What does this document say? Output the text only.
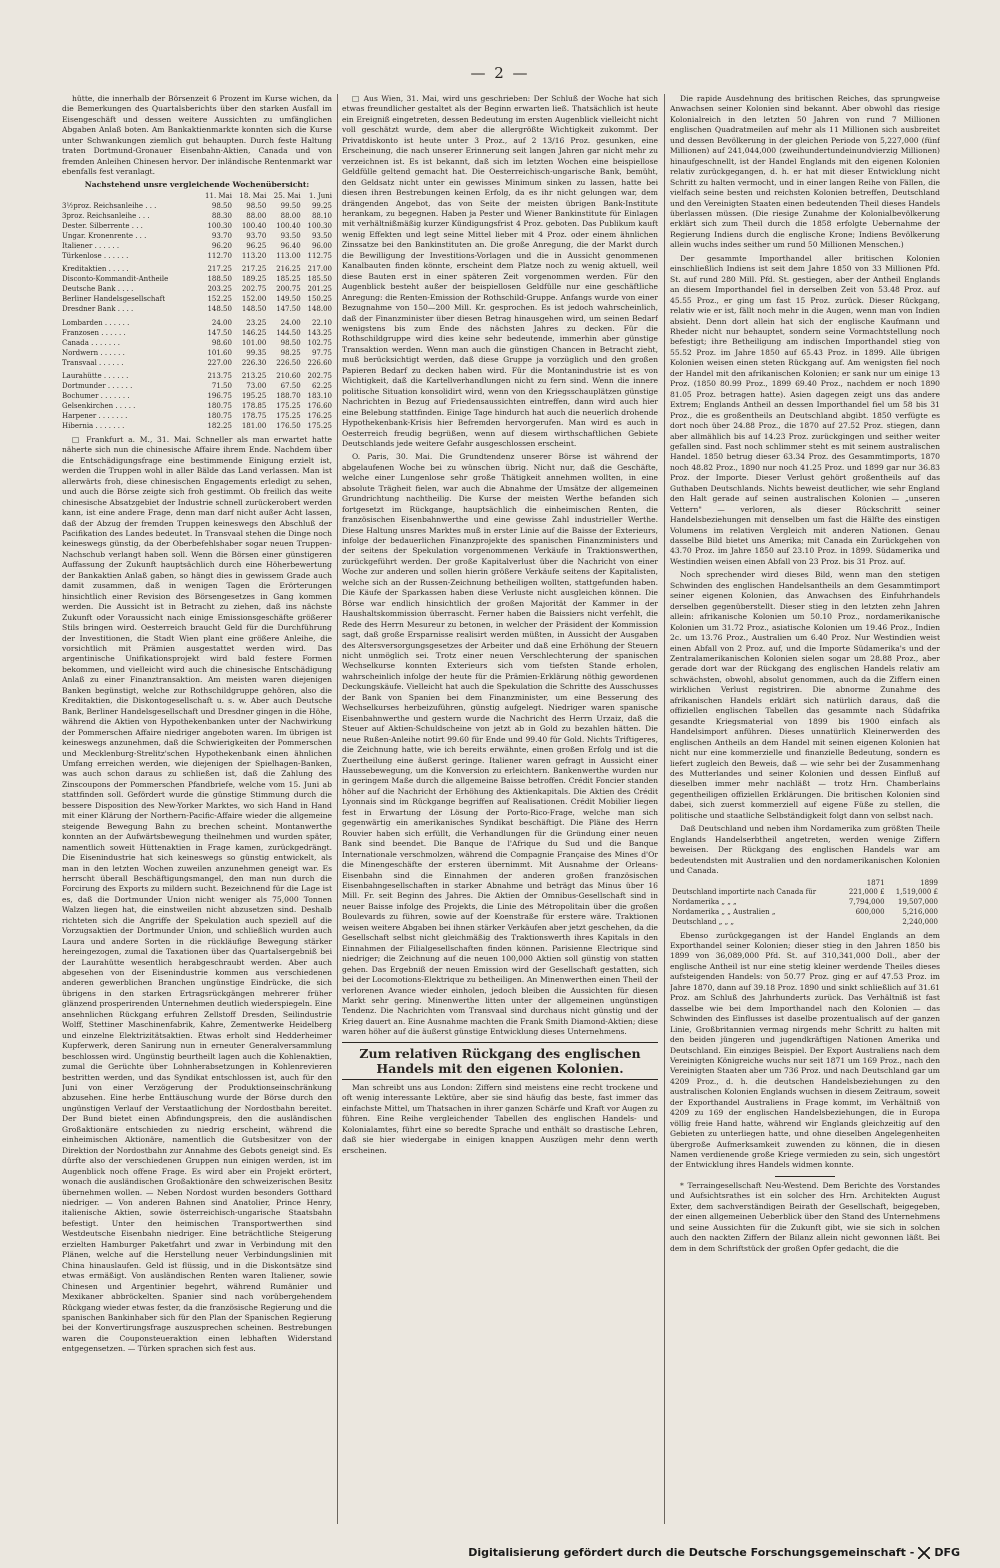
— 2 —

hütte, die innerhalb der Börsenzeit 6 Prozent im Kurse wichen, da die Bemerkungen des Quartalsberichts über den starken Ausfall im Eisengeschäft und dessen weitere Aussichten zu umfänglichen Abgaben Anlaß boten. Am Bankaktienmarkte konnten sich die Kurse unter Schwankungen ziemlich gut behaupten. Durch feste Haltung traten Dortmund-Gronauer Eisenbahn-Aktien, Canada und von fremden Anleihen Chinesen hervor. Der inländische Rentenmarkt war ebenfalls fest veranlagt.

Nachstehend unsre vergleichende Wochenübersicht:

	11. Mai	18. Mai	25. Mai	1. Juni
3½proz. Reichsanleihe . . .	98.50	98.50	99.50	99.25
3proz. Reichsanleihe . . .	88.30	88.00	88.00	88.10
Dester. Silberrente . . .	100.30	100.40	100.40	100.30
Ungar. Kronenrente . . .	93.70	93.70	93.50	93.50
Italiener . . . . . .	96.20	96.25	96.40	96.00
Türkenlose . . . . . .	112.70	113.20	113.00	112.75
Kreditaktien . . . . .	217.25	217.25	216.25	217.00
Disconto-Kommandit-Antheile	188.50	189.25	185.25	185.50
Deutsche Bank . . . .	203.25	202.75	200.75	201.25
Berliner Handelsgesellschaft	152.25	152.00	149.50	150.25
Dresdner Bank . . . .	148.50	148.50	147.50	148.00
Lombarden . . . . . .	24.00	23.25	24.00	22.10
Franzosen . . . . . .	147.50	146.25	144.50	143.25
Canada . . . . . . .	98.60	101.00	98.50	102.75
Nordwern . . . . . .	101.60	99.35	98.25	97.75
Transvaal . . . . . .	227.00	226.30	226.50	226.60
Laurahütte . . . . . .	213.75	213.25	210.60	202.75
Dortmunder . . . . . .	71.50	73.00	67.50	62.25
Bochumer . . . . . . .	196.75	195.25	188.70	183.10
Gelsenkirchen . . . . .	180.75	178.85	175.25	176.60
Harpener . . . . . . .	180.75	178.75	175.25	176.25
Hibernia . . . . . . .	182.25	181.00	176.50	175.25

□ Frankfurt a. M., 31. Mai. Schneller als man erwartet hatte näherte sich nun die chinesische Affaire ihrem Ende. Nachdem über die Entschädigungsfrage eine bestimmende Einigung erzielt ist, werden die Truppen wohl in aller Bälde das Land verlassen. Man ist allerwärts froh, diese chinesischen Engagements erledigt zu sehen, und auch die Börse zeigte sich froh gestimmt. Ob freilich das weite chinesische Absatzgebiet der Industrie schnell zurückerobert werden kann, ist eine andere Frage, denn man darf nicht außer Acht lassen, daß der Abzug der fremden Truppen keineswegs den Abschluß der Pacifikation des Landes bedeutet. In Transvaal stehen die Dinge noch keineswegs günstig, da der Oberbefehlshaber sogar neuen Truppen-Nachschub verlangt haben soll. Wenn die Börsen einer günstigeren Auffassung der Zukunft hauptsächlich durch eine Höherbewertung der Bankaktien Anlaß gaben, so hängt dies in gewissem Grade auch damit zusammen, daß in wenigen Tagen die Erörterungen hinsichtlich einer Revision des Börsengesetzes in Gang kommen werden. Die Aussicht ist in Betracht zu ziehen, daß ins nächste Zukunft oder Voraussicht nach einige Emissionsgeschäfte größerer Stils bringen wird. Oesterreich braucht Geld für die Durchführung der Investitionen, die Stadt Wien plant eine größere Anleihe, die vorsichtlich mit Prämien ausgestattet werden wird. Das argentinische Unifikationsprojekt wird bald festere Formen bekommen, und vielleicht wird auch die chinesische Entschädigung Anlaß zu einer Finanztransaktion. Am meisten waren diejenigen Banken begünstigt, welche zur Rothschildgruppe gehören, also die Kreditaktien, die Diskontogesellschaft u. s. w. Aber auch Deutsche Bank, Berliner Handelsgesellschaft und Dresdner gingen in die Höhe, während die Aktien von Hypothekenbanken unter der Nachwirkung der Pommerschen Affaire niedriger angeboten waren. Im übrigen ist keineswegs anzunehmen, daß die Schwierigkeiten der Pommerschen und Mecklenburg-Strelitz'schen Hypothekenbank einen ähnlichen Umfang erreichen werden, wie diejenigen der Spielhagen-Banken, was auch schon daraus zu schließen ist, daß die Zahlung des Zinscoupons der Pommerschen Pfandbriefe, welche vom 15. Juni ab stattfinden soll. Gefördert wurde die günstige Stimmung durch die bessere Disposition des New-Yorker Marktes, wo sich Hand in Hand mit einer Klärung der Northern-Pacific-Affaire wieder die allgemeine steigende Bewegung Bahn zu brechen scheint. Montanwerthe konnten an der Aufwärtsbewegung theilnehmen und wurden später, namentlich soweit Hüttenaktien in Frage kamen, zurückgedrängt. Die Eisenindustrie hat sich keineswegs so günstig entwickelt, als man in den letzten Wochen zuweilen anzunehmen geneigt war. Es herrscht überall Beschäftigungsmangel, den man nun durch die Forcirung des Exports zu mildern sucht. Bezeichnend für die Lage ist es, daß die Dortmunder Union nicht weniger als 75,000 Tonnen Walzen liegen hat, die einstweilen nicht abzusetzen sind. Deshalb richteten sich die Angriffe der Spekulation auch speziell auf die Vorzugsaktien der Dortmunder Union, und schließlich wurden auch Laura und andere Sorten in die rückläufige Bewegung stärker hereingezogen, zumal die Taxationen über das Quartalsergebniß bei der Laurahütte wesentlich herabgeschraubt werden. Aber auch abgesehen von der Eisenindustrie kommen aus verschiedenen anderen gewerblichen Branchen ungünstige Eindrücke, die sich übrigens in den starken Ertragsrückgängen mehrerer früher glänzend prosperirenden Unternehmen deutlich wiederspiegeln. Eine ansehnlichen Rückgang erfuhren Zellstoff Dresden, Seilindustrie Wolff, Stettiner Maschinenfabrik, Kahre, Zementwerke Heidelberg und einzelne Elektrizitätsaktien. Etwas erholt sind Hedderheimer Kupferwerk, deren Sanirung nun in erneuter Generalversammlung beschlossen wird. Ungünstig beurtheilt lagen auch die Kohlenaktien, zumal die Gerüchte über Lohnherabsetzungen in Kohlenrevieren bestritten werden, und das Syndikat entschlossen ist, auch für den Juni von einer Verzögerung der Produktionseinschränkung abzusehen. Eine herbe Enttäuschung wurde der Börse durch den ungünstigen Verlauf der Verstaatlichung der Nordostbahn bereitet. Der Bund bietet einen Abfindungspreis, den die ausländischen Großaktionäre entschieden zu niedrig erscheint, während die einheimischen Aktionäre, namentlich die Gutsbesitzer von der Direktion der Nordostbahn zur Annahme des Gebots geneigt sind. Es dürfte also der verschiedenen Gruppen nun einigen werden, ist im Augenblick noch offene Frage. Es wird aber ein Projekt erörtert, wonach die ausländischen Großaktionäre den schweizerischen Besitz übernehmen wollen. — Neben Nordost wurden besonders Gotthard niedriger. — Von anderen Bahnen sind Anatolier, Prince Henry, italienische Aktien, sowie österreichisch-ungarische Staatsbahn befestigt. Unter den heimischen Transportwerthen sind Westdeutsche Eisenbahn niedriger. Eine beträchtliche Steigerung erzielten Hamburger Paketfahrt und zwar in Verbindung mit den Plänen, welche auf die Herstellung neuer Verbindungslinien mit China hinauslaufen. Geld ist flüssig, und in die Diskontsätze sind etwas ermäßigt. Von ausländischen Renten waren Italiener, sowie Chinesen und Argentinier begehrt, während Rumänier und Mexikaner abbröckelten. Spanier sind nach vorübergehendem Rückgang wieder etwas fester, da die französische Regierung und die spanischen Bankinhaber sich für den Plan der Spanischen Regierung bei der Konvertirungsfrage auszusprechen scheinen. Bestrebungen waren die Couponsteueraktion einen lebhaften Widerstand entgegensetzen. — Türken sprachen sich fest aus.

□ Aus Wien, 31. Mai, wird uns geschrieben: Der Schluß der Woche hat sich etwas freundlicher gestaltet als der Beginn erwarten ließ. Thatsächlich ist heute ein Ereigniß eingetreten, dessen Bedeutung im ersten Augenblick vielleicht nicht voll geschätzt wurde, dem aber die allergrößte Wichtigkeit zukommt. Der Privatdiskonto ist heute unter 3 Proz., auf 2 13/16 Proz. gesunken, eine Erscheinung, die nach unserer Erinnerung seit langen Jahren gar nicht mehr zu verzeichnen ist. Es ist bekannt, daß sich im letzten Wochen eine beispiellose Geldfülle geltend gemacht hat. Die Oesterreichisch-ungarische Bank, bemüht, den Geldsatz nicht unter ein gewisses Minimum sinken zu lassen, hatte bei diesen ihren Bestrebungen keinen Erfolg, da es ihr nicht gelungen war, dem drängenden Angebot, das von Seite der meisten übrigen Bank-Institute herankam, zu begegnen. Haben ja Pester und Wiener Bankinstitute für Einlagen mit verhältnißmäßig kurzer Kündigungsfrist 4 Proz. geboten. Das Publikum kauft wenig Effekten und legt seine Mittel lieber mit 4 Proz. oder einem ähnlichen Zinssatze bei den Bankinstituten an. Die große Anregung, die der Markt durch die Bewilligung der Investitions-Vorlagen und die in Aussicht genommenen Kanalbauten finden könnte, erscheint dem Platze noch zu wenig aktuell, weil diese Bauten erst in einer späteren Zeit vorgenommen werden. Für den Augenblick besteht außer der beispiellosen Geldfülle nur eine geschäftliche Anregung: die Renten-Emission der Rothschild-Gruppe. Anfangs wurde von einer Bezugnahme von 150—200 Mill. Kr. gesprochen. Es ist jedoch wahrscheinlich, daß der Finanzminister über diesen Betrag hinausgehen wird, um seinen Bedarf wenigstens bis zum Ende des nächsten Jahres zu decken. Für die Rothschildgruppe wird dies keine sehr bedeutende, immerhin aber günstige Transaktion werden. Wenn man auch die günstigen Chancen in Betracht zieht, muß berücksichtigt werden, daß diese Gruppe ja vorzüglich und den großen Papieren Bedarf zu decken haben wird. Für die Montanindustrie ist es von Wichtigkeit, daß die Kartellverhandlungen nicht zu fern sind. Wenn die innere politische Situation konsolidirt wird, wenn von den Kriegsschauplätzen günstige Nachrichten in Bezug auf Friedensaussichten eintreffen, dann wird auch hier eine Belebung stattfinden. Einige Tage hindurch hat auch die neuerlich drohende Hypothekenbank-Krisis hier Befremden hervorgerufen. Man wird es auch in Oesterreich freudig begrüßen, wenn auf diesem wirthschaftlichen Gebiete Deutschlands jede weitere Gefahr ausgeschlossen erscheint.

O. Paris, 30. Mai. Die Grundtendenz unserer Börse ist während der abgelaufenen Woche bei zu wünschen übrig. Nicht nur, daß die Geschäfte, welche einer Lungenlose sehr große Thätigkeit annehmen wollten, in eine absolute Trägheit fielen, war auch die Abnahme der Umsätze der allgemeinen Grundrichtung nachtheilig. Die Kurse der meisten Werthe befanden sich fortgesetzt im Rückgange, hauptsächlich die einheimischen Renten, die französischen Eisenbahnwerthe und eine gewisse Zahl industrieller Werthe. Diese Haltung unsres Marktes muß in erster Linie auf die Baisse der Exterieurs, infolge der bedauerlichen Finanzprojekte des spanischen Finanzministers und der seitens der Spekulation vorgenommenen Verkäufe in Traktionswerthen, zurückgeführt werden. Der große Kapitalverlust über die Nachricht von einer Woche zur anderen und sollen hierin größere Verkäufe seitens der Kapitalisten, welche sich an der Russen-Zeichnung betheiligen wollten, stattgefunden haben. Die Käufe der Sparkassen haben diese Verluste nicht ausgleichen können. Die Börse war endlich hinsichtlich der großen Majorität der Kammer in der Haushaltskommission überrascht. Ferner haben die Baissiers nicht verfehlt, die Rede des Herrn Mesureur zu betonen, in welcher der Präsident der Kommission sagt, daß große Ersparnisse realisirt werden müßten, in Aussicht der Ausgaben des Altersversorgungsgesetzes der Arbeiter und daß eine Erhöhung der Steuern nicht unmöglich sei. Trotz einer neuen Verschlechterung der spanischen Wechselkurse konnten Exterieurs sich vom tiefsten Stande erholen, wahrscheinlich infolge der heute für die Prämien-Erklärung nöthig gewordenen Deckungskäufe. Vielleicht hat auch die Spekulation die Schritte des Ausschusses der Bank von Spanien bei dem Finanzminister, um eine Besserung des Wechselkurses herbeizuführen, günstig aufgelegt. Niedriger waren spanische Eisenbahnwerthe und gestern wurde die Nachricht des Herrn Urzaiz, daß die Steuer auf Aktien-Schuldscheine von jetzt ab in Gold zu bezahlen hätten. Die neue Rußen-Anleihe notirt 99.60 für Ende und 99.40 für Gold. Nichts Triftigeres, die Zeichnung hatte, wie ich bereits erwähnte, einen großen Erfolg und ist die Zuertheilung eine äußerst geringe. Italiener waren gefragt in Aussicht einer Haussebewegung, um die Konversion zu erleichtern. Bankenwerthe wurden nur in geringem Maße durch die allgemeine Baisse betroffen. Crédit Foncier standen höher auf die Nachricht der Erhöhung des Aktienkapitals. Die Aktien des Crédit Lyonnais sind im Rückgange begriffen auf Realisationen. Crédit Mobilier liegen fest in Erwartung der Lösung der Porto-Rico-Frage, welche man sich gegenwärtig ein amerikanisches Syndikat beschäftigt. Die Pläne des Herrn Rouvier haben sich erfüllt, die Verhandlungen für die Gründung einer neuen Bank sind beendet. Die Banque de l'Afrique du Sud und die Banque Internationale verschmolzen, während die Compagnie Française des Mines d'Or die Minengeschäfte der ersteren übernimmt. Mit Ausnahme der Orleans-Eisenbahn sind die Einnahmen der anderen großen französischen Eisenbahngesellschaften in starker Abnahme und beträgt das Minus über 16 Mill. Fr. seit Beginn des Jahres. Die Aktien der Omnibus-Gesellschaft sind in neuer Baisse infolge des Projekts, die Linie des Métropolitain über die großen Boulevards zu führen, sowie auf der Koenstraße für erstere wäre. Traktionen weisen weitere Abgaben bei ihnen stärker Verkäufen aber jetzt geschehen, da die Gesellschaft selbst nicht gleichmäßig des Traktionswerth ihres Kapitals in den Einnahmen der Filialgesellschaften finden können. Parisienne Electrique sind niedriger; die Zeichnung auf die neuen 100,000 Aktien soll günstig von statten gehen. Das Ergebniß der neuen Emission wird der Gesellschaft gestatten, sich bei der Locomotions-Elektrique zu betheiligen. An Minenwerthen einen Theil der verlorenen Avance wieder einholen, jedoch bleiben die Aussichten für diesen Markt sehr gering. Minenwerthe litten unter der allgemeinen ungünstigen Tendenz. Die Nachrichten vom Transvaal sind durchaus nicht günstig und der Krieg dauert an. Eine Ausnahme machten die Frank Smith Diamond-Aktien; diese waren höher auf die äußerst günstige Entwicklung dieses Unternehmens.

Zum relativen Rückgang des englischen Handels mit den eigenen Kolonien.

Man schreibt uns aus London: Ziffern sind meistens eine recht trockene und oft wenig interessante Lektüre, aber sie sind häufig das beste, fast immer das einfachste Mittel, um Thatsachen in ihrer ganzen Schärfe und Kraft vor Augen zu führen. Eine Reihe vergleichender Tabellen des englischen Handels- und Kolonialamtes, führt eine so beredte Sprache und enthält so drastische Lehren, daß sie hier wiedergabe in einigen knappen Auszügen mehr denn werth erscheinen.

Die rapide Ausdehnung des britischen Reiches, das sprungweise Anwachsen seiner Kolonien sind bekannt. Aber obwohl das riesige Kolonialreich in den letzten 50 Jahren von rund 7 Millionen englischen Quadratmeilen auf mehr als 11 Millionen sich ausbreitet und dessen Bevölkerung in der gleichen Periode von 5,227,000 (fünf Millionen) auf 241,044,000 (zweihundertundeinundvierzig Millionen) hinaufgeschnellt, ist der Handel Englands mit den eigenen Kolonien relativ zurückgegangen, d. h. er hat mit dieser Entwicklung nicht Schritt zu halten vermocht, und in einer langen Reihe von Fällen, die vielfach seine besten und reichsten Kolonien betreffen, Deutschland und den Vereinigten Staaten einen bedeutenden Theil dieses Handels überlassen müssen. (Die riesige Zunahme der Kolonialbevölkerung erklärt sich zum Theil durch die 1858 erfolgte Uebernahme der Regierung Indiens durch die englische Krone; Indiens Bevölkerung allein wuchs indes seither um rund 50 Millionen Menschen.)

Der gesammte Importhandel aller britischen Kolonien einschließlich Indiens ist seit dem Jahre 1850 von 33 Millionen Pfd. St. auf rund 280 Mill. Pfd. St. gestiegen, aber der Antheil Englands an diesem Importhandel fiel in derselben Zeit von 53.48 Proz. auf 45.55 Proz., er ging um fast 15 Proz. zurück. Dieser Rückgang, relativ wie er ist, fällt noch mehr in die Augen, wenn man von Indien absieht. Denn dort allein hat sich der englische Kaufmann und Rheder nicht nur behauptet, sondern seine Vormachtstellung noch befestigt; ihre Betheiligung am indischen Importhandel stieg von 55.52 Proz. im Jahre 1850 auf 65.43 Proz. in 1899. Alle übrigen Kolonien weisen einen steten Rückgang auf. Am wenigsten fiel noch der Handel mit den afrikanischen Kolonien; er sank nur um einige 13 Proz. (1850 80.99 Proz., 1899 69.40 Proz., nachdem er noch 1890 81.05 Proz. betragen hatte). Asien dagegen zeigt uns das andere Extrem; Englands Antheil an dessen Importhandel fiel um 58 bis 31 Proz., die es großentheils an Deutschland abgibt. 1850 verfügte es dort noch über 24.88 Proz., die 1870 auf 27.52 Proz. stiegen, dann aber allmählich bis auf 14.23 Proz. zurückgingen und seither weiter gefallen sind. Fast noch schlimmer steht es mit seinem australischen Handel. 1850 betrug dieser 63.34 Proz. des Gesammtimports, 1870 noch 48.82 Proz., 1890 nur noch 41.25 Proz. und 1899 gar nur 36.83 Proz. der Importe. Dieser Verlust gehört großentheils auf das Guthaben Deutschlands. Nichts beweist deutlicher, wie sehr England den Halt gerade auf seinen australischen Kolonien — „unseren Vettern" — verloren, als dieser Rückschritt seiner Handelsbeziehungen mit denselben um fast die Hälfte des einstigen Volumens im relativen Vergleich mit anderen Nationen. Genau dasselbe Bild bietet uns Amerika; mit Canada ein Zurückgehen von 43.70 Proz. im Jahre 1850 auf 23.10 Proz. in 1899. Südamerika und Westindien weisen einen Abfall von 23 Proz. bis 31 Proz. auf.

Noch sprechender wird dieses Bild, wenn man den stetigen Schwinden des englischen Handelsantheils an dem Gesammtimport seiner eigenen Kolonien, das Anwachsen des Einfuhrhandels derselben gegenüberstellt. Dieser stieg in den letzten zehn Jahren allein: afrikanische Kolonien um 50.10 Proz., nordamerikanische Kolonien um 31.72 Proz., asiatische Kolonien um 19.46 Proz., Indien 2c. um 13.76 Proz., Australien um 6.40 Proz. Nur Westindien weist einen Abfall von 2 Proz. auf, und die Importe Südamerika's und der Zentralamerikanischen Kolonien sielen sogar um 28.88 Proz., aber gerade dort war der Rückgang des englischen Handels relativ am schwächsten, obwohl, absolut genommen, auch da die Ziffern einen wirklichen Verlust registriren. Die abnorme Zunahme des afrikanischen Handels erklärt sich natürlich daraus, daß die offiziellen englischen Tabellen das gesammte nach Südafrika gesandte Kriegsmaterial von 1899 bis 1900 einfach als Handelsimport anführen. Dieses unnatürlich Kleinerwerden des englischen Antheils an dem Handel mit seinen eigenen Kolonien hat nicht nur eine kommerzielle und finanzielle Bedeutung, sondern es liefert zugleich den Beweis, daß — wie sehr bei der Zusammenhang des Mutterlandes und seiner Kolonien und dessen Einfluß auf dieselben immer mehr nachläßt — trotz Hrn. Chamberlains gegentheiligen offiziellen Erklärungen. Die britischen Kolonien sind dabei, sich zuerst kommerziell auf eigene Füße zu stellen, die politische und staatliche Selbständigkeit folgt dann von selbst nach.

Daß Deutschland und neben ihm Nordamerika zum größten Theile Englands Handelserbtheil angetreten, werden wenige Ziffern beweisen. Der Rückgang des englischen Handels war am bedeutendsten mit Australien und den nordamerikanischen Kolonien und Canada.

	1871	1899
Deutschland importirte nach Canada für	221,000 £	1,519,000 £
Nordamerika „ „ „	7,794,000	19,507,000
Nordamerika „ „ Australien „	600,000	5,216,000
Deutschland „ „ „		2,240,000

Ebenso zurückgegangen ist der Handel Englands an dem Exporthandel seiner Kolonien; dieser stieg in den Jahren 1850 bis 1899 von 36,089,000 Pfd. St. auf 310,341,000 Doll., aber der englische Antheil ist nur eine stetig kleiner werdende Theiles dieses aufsteigenden Handels: von 50.77 Proz. ging er auf 47.53 Proz. im Jahre 1870, dann auf 39.18 Proz. 1890 und sinkt schließlich auf 31.61 Proz. am Schluß des Jahrhunderts zurück. Das Verhältniß ist fast dasselbe wie bei dem Importhandel nach den Kolonien — das Schwinden des Einflusses ist daselbe prozentualisch auf der ganzen Linie, Großbritannien vermag nirgends mehr Schritt zu halten mit den beiden jüngeren und jugendkräftigen Nationen Amerika und Deutschland. Ein einziges Beispiel. Der Export Australiens nach dem Vereinigten Königreiche wuchs nur seit 1871 um 169 Proz., nach den Vereinigten Staaten aber um 736 Proz. und nach Deutschland gar um 4209 Proz., d. h. die deutschen Handelsbeziehungen zu den australischen Kolonien Englands wuchsen in diesem Zeitraum, soweit der Exporthandel Australiens in Frage kommt, im Verhältniß von 4209 zu 169 der englischen Handelsbeziehungen, die in Europa völlig freie Hand hatte, während wir Englands gleichzeitig auf den Gebieten zu unterliegen hatte, und ohne dieselben Angelegenheiten übergroße Aufmerksamkeit zuwenden zu können, die in diesen Namen verdienende große Kriege vermieden zu sein, sich ungestört der Entwicklung ihres Handels widmen konnte.

* Terraingesellschaft Neu-Westend. Dem Berichte des Vorstandes und Aufsichtsrathes ist ein solcher des Hrn. Architekten August Exter, dem sachverständigen Beirath der Gesellschaft, beigegeben, der einen allgemeinen Ueberblick über den Stand des Unternehmens und seine Aussichten für die Zukunft gibt, wie sie sich in solchen auch den nackten Ziffern der Bilanz allein nicht gewonnen läßt. Bei dem in dem Schriftstück der großen Opfer gedacht, die die

Digitalisierung gefördert durch die Deutsche Forschungsgemeinschaft - DFG
